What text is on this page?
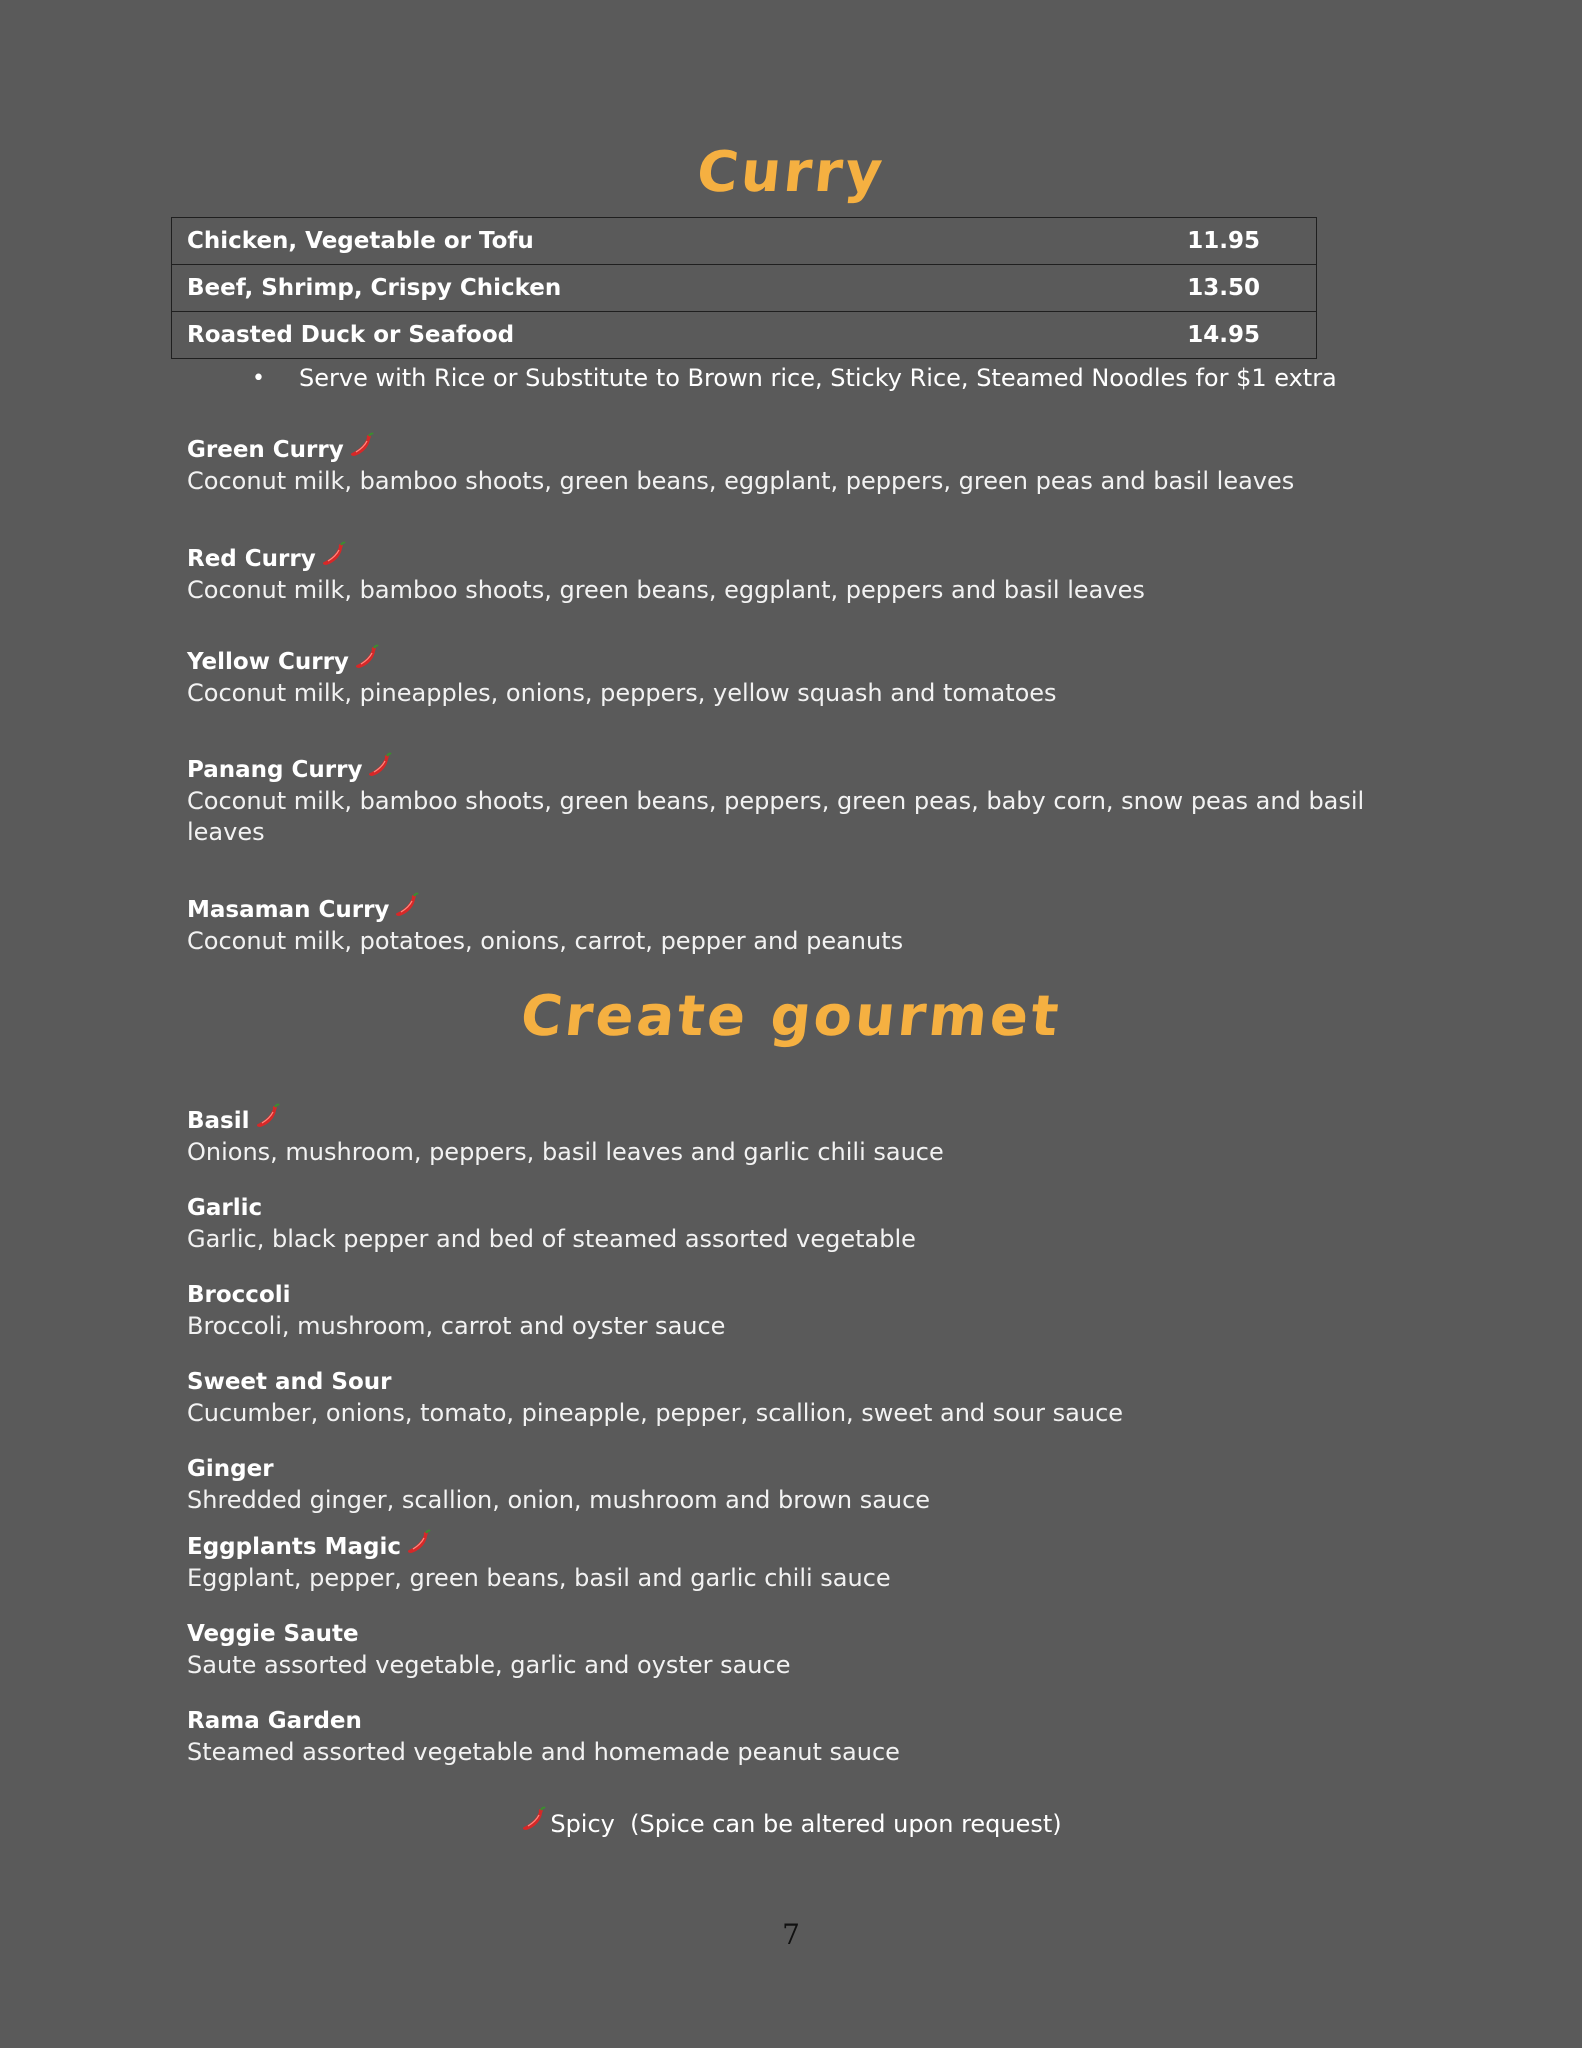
Curry
Chicken, Vegetable or Tofu	11.95

Beef, Shrimp, Crispy Chicken	13.50

Roasted Duck or Seafood	14.95
•	Serve with Rice or Substitute to Brown rice, Sticky Rice, Steamed Noodles for $1 extra
Green Curry
Coconut milk, bamboo shoots, green beans, eggplant, peppers, green peas and basil leaves
Red Curry
Coconut milk, bamboo shoots, green beans, eggplant, peppers and basil leaves
Yellow Curry
Coconut milk, pineapples, onions, peppers, yellow squash and tomatoes
Panang Curry
Coconut milk, bamboo shoots, green beans, peppers, green peas, baby corn, snow peas and basil leaves
Masaman Curry
Coconut milk, potatoes, onions, carrot, pepper and peanuts
Create gourmet
Basil
Onions, mushroom, peppers, basil leaves and garlic chili sauce
Garlic
Garlic, black pepper and bed of steamed assorted vegetable
Broccoli
Broccoli, mushroom, carrot and oyster sauce
Sweet and Sour
Cucumber, onions, tomato, pineapple, pepper, scallion, sweet and sour sauce
Ginger
Shredded ginger, scallion, onion, mushroom and brown sauce
Eggplants Magic
Eggplant, pepper, green beans, basil and garlic chili sauce
Veggie Saute
Saute assorted vegetable, garlic and oyster sauce
Rama Garden
Steamed assorted vegetable and homemade peanut sauce
Spicy  (Spice can be altered upon request)
7
